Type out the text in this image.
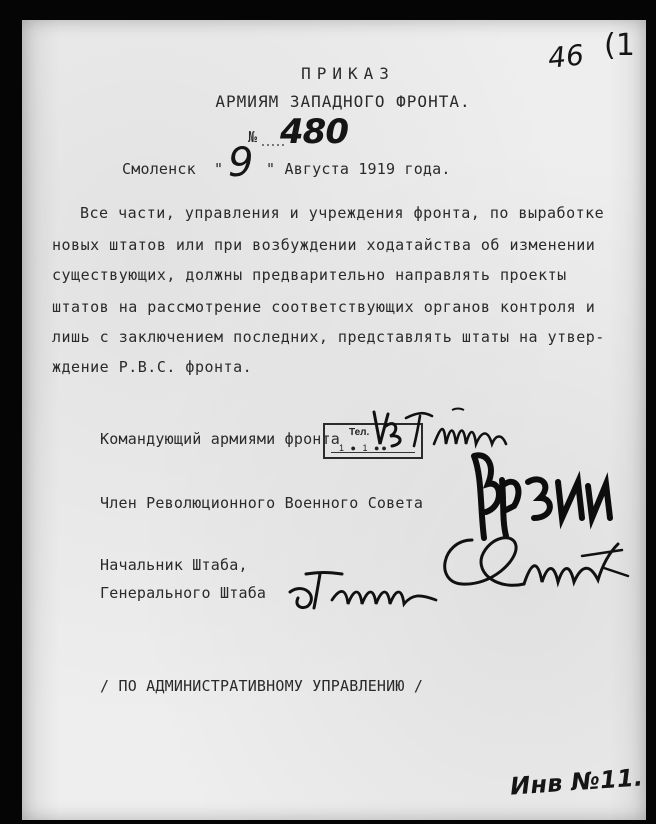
46 (1
ПРИКАЗ
АРМИЯМ ЗАПАДНОГО ФРОНТА.
№ 480
Смоленск " 9 " Августа 1919 года.
Все части, управления и учреждения фронта, по выработке
новых штатов или при возбуждении ходатайства об изменении
существующих, должны предварительно направлять проекты
штатов на рассмотрение соответствующих органов контроля и
лишь с заключением последних, представлять штаты на утвер-
ждение Р.В.С. фронта.
Командующий армиями фронта Тел.
1 ● 1 ●●
Член Революционного Военного Совета
Начальник Штаба,
Генерального Штаба
/ ПО АДМИНИСТРАТИВНОМУ УПРАВЛЕНИЮ /
Инв №11.
